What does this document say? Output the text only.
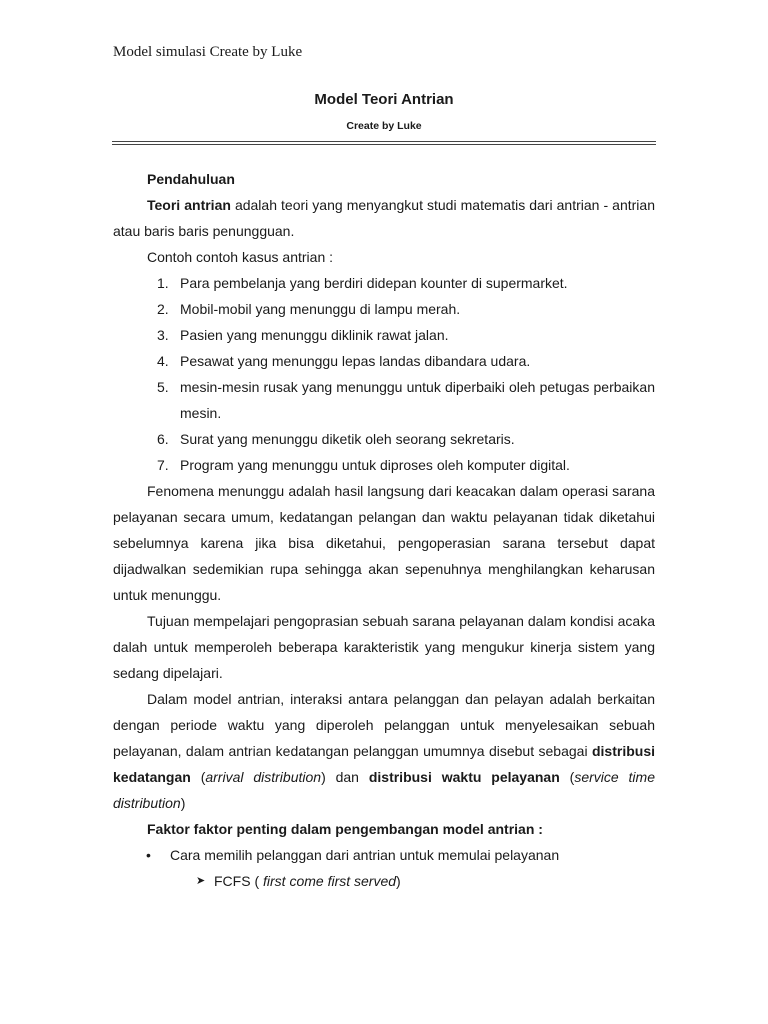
Model simulasi Create by Luke
Model Teori Antrian
Create by Luke

Pendahuluan

Teori antrian adalah teori yang menyangkut studi matematis dari antrian - antrian atau baris baris penungguan.

Contoh contoh kasus antrian :

1. Para pembelanja yang berdiri didepan kounter di supermarket.
2. Mobil-mobil yang menunggu di lampu merah.
3. Pasien yang menunggu diklinik rawat jalan.
4. Pesawat yang menunggu lepas landas dibandara udara.
5. mesin-mesin rusak yang menunggu untuk diperbaiki oleh petugas perbaikan mesin.
6. Surat yang menunggu diketik oleh seorang sekretaris.
7. Program yang menunggu untuk diproses oleh komputer digital.

Fenomena menunggu adalah hasil langsung dari keacakan dalam operasi sarana pelayanan secara umum, kedatangan pelangan dan waktu pelayanan tidak diketahui sebelumnya karena jika bisa diketahui, pengoperasian sarana tersebut dapat dijadwalkan sedemikian rupa sehingga akan sepenuhnya menghilangkan keharusan untuk menunggu.

Tujuan mempelajari pengoprasian sebuah sarana pelayanan dalam kondisi acaka dalah untuk memperoleh beberapa karakteristik yang mengukur kinerja sistem yang sedang dipelajari.

Dalam model antrian, interaksi antara pelanggan dan pelayan adalah berkaitan dengan periode waktu yang diperoleh pelanggan untuk menyelesaikan sebuah pelayanan, dalam antrian kedatangan pelanggan umumnya disebut sebagai distribusi kedatangan (arrival distribution) dan distribusi waktu pelayanan (service time distribution)

Faktor faktor penting dalam pengembangan model antrian :

• Cara memilih pelanggan dari antrian untuk memulai pelayanan

➤ FCFS ( first come first served)
